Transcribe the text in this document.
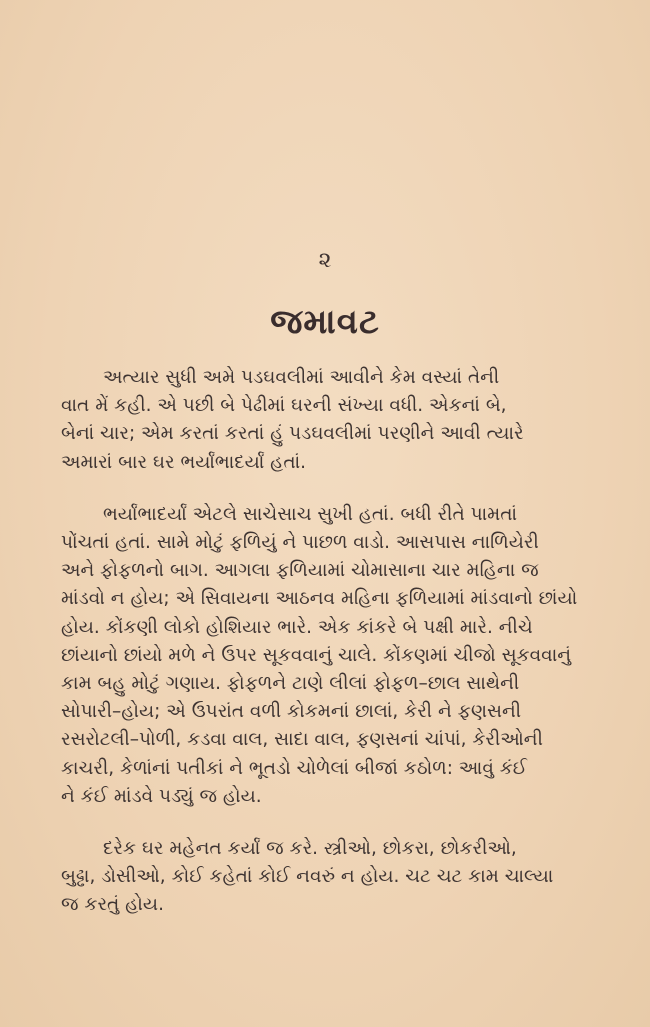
૨
જમાવટ
અત્યાર સુધી અમે પડઘવલીમાં આવીને કેમ વસ્યાં તેની
વાત મેં કહી. એ પછી બે પેઢીમાં ઘરની સંખ્યા વધી. એકનાં બે,
બેનાં ચાર; એમ કરતાં કરતાં હું પડઘવલીમાં પરણીને આવી ત્યારે
અમારાં બાર ઘર ભર્યાંભાદર્યાં હતાં.
ભર્યાંભાદર્યાં એટલે સાચેસાચ સુખી હતાં. બધી રીતે પામતાં
પોંચતાં હતાં. સામે મોટું ફળિયું ને પાછળ વાડો. આસપાસ નાળિયેરી
અને ફોફળનો બાગ. આગલા ફળિયામાં ચોમાસાના ચાર મહિના જ
માંડવો ન હોય; એ સિવાયના આઠનવ મહિના ફળિયામાં માંડવાનો છાંયો
હોય. કોંકણી લોકો હોશિયાર ભારે. એક કાંકરે બે પક્ષી મારે. નીચે
છાંયાનો છાંયો મળે ને ઉપર સૂકવવાનું ચાલે. કોંકણમાં ચીજો સૂકવવાનું
કામ બહુ મોટું ગણાય. ફોફળને ટાણે લીલાં ફોફળ–છાલ સાથેની
સોપારી–હોય; એ ઉપરાંત વળી કોકમનાં છાલાં, કેરી ને ફણસની
રસરોટલી–પોળી, કડવા વાલ, સાદા વાલ, ફણસનાં ચાંપાં, કેરીઓની
કાચરી, કેળાંનાં પતીકાં ને ભૂતડો ચોળેલાં બીજાં કઠોળ: આવું કંઈ
ને કંઈ માંડવે પડ્યું જ હોય.
દરેક ઘર મહેનત કર્યાં જ કરે. સ્ત્રીઓ, છોકરા, છોકરીઓ,
બુઢ્ઢા, ડોસીઓ, કોઈ કહેતાં કોઈ નવરું ન હોય. ચટ ચટ કામ ચાલ્યા
જ કરતું હોય.
